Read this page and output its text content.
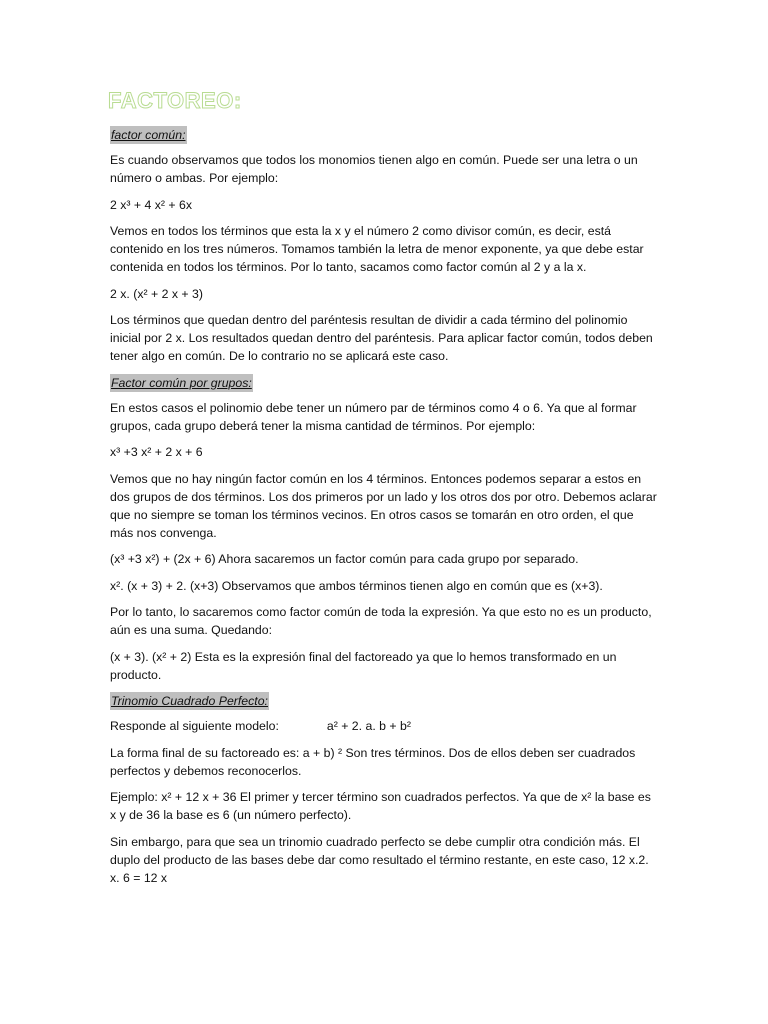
FACTOREO:
factor común:

Es cuando observamos que todos los monomios tienen algo en común. Puede ser una letra o un número o ambas. Por ejemplo:

2 x³ + 4 x² + 6x

Vemos en todos los términos que esta la x y el número 2 como divisor común, es decir, está contenido en los tres números. Tomamos también la letra de menor exponente, ya que debe estar contenida en todos los términos. Por lo tanto, sacamos como factor común al 2 y a la x.

2 x. (x² + 2 x + 3)

Los términos que quedan dentro del paréntesis resultan de dividir a cada término del polinomio inicial por 2 x. Los resultados quedan dentro del paréntesis. Para aplicar factor común, todos deben tener algo en común. De lo contrario no se aplicará este caso.

Factor común por grupos:

En estos casos el polinomio debe tener un número par de términos como 4 o 6. Ya que al formar grupos, cada grupo deberá tener la misma cantidad de términos. Por ejemplo:

x³ +3 x² + 2 x + 6

Vemos que no hay ningún factor común en los 4 términos. Entonces podemos separar a estos en dos grupos de dos términos. Los dos primeros por un lado y los otros dos por otro. Debemos aclarar que no siempre se toman los términos vecinos. En otros casos se tomarán en otro orden, el que más nos convenga.

(x³ +3 x²) + (2x + 6) Ahora sacaremos un factor común para cada grupo por separado.

x². (x + 3) + 2. (x+3) Observamos que ambos términos tienen algo en común que es (x+3).

Por lo tanto, lo sacaremos como factor común de toda la expresión. Ya que esto no es un producto, aún es una suma. Quedando:

(x + 3). (x² + 2) Esta es la expresión final del factoreado ya que lo hemos transformado en un producto.

Trinomio Cuadrado Perfecto:

Responde al siguiente modelo:	a² + 2. a. b + b²

La forma final de su factoreado es: a + b) ² Son tres términos. Dos de ellos deben ser cuadrados perfectos y debemos reconocerlos.

Ejemplo: x² + 12 x + 36 El primer y tercer término son cuadrados perfectos. Ya que de x² la base es x y de 36 la base es 6 (un número perfecto).

Sin embargo, para que sea un trinomio cuadrado perfecto se debe cumplir otra condición más. El duplo del producto de las bases debe dar como resultado el término restante, en este caso, 12 x.2. x. 6 = 12 x
